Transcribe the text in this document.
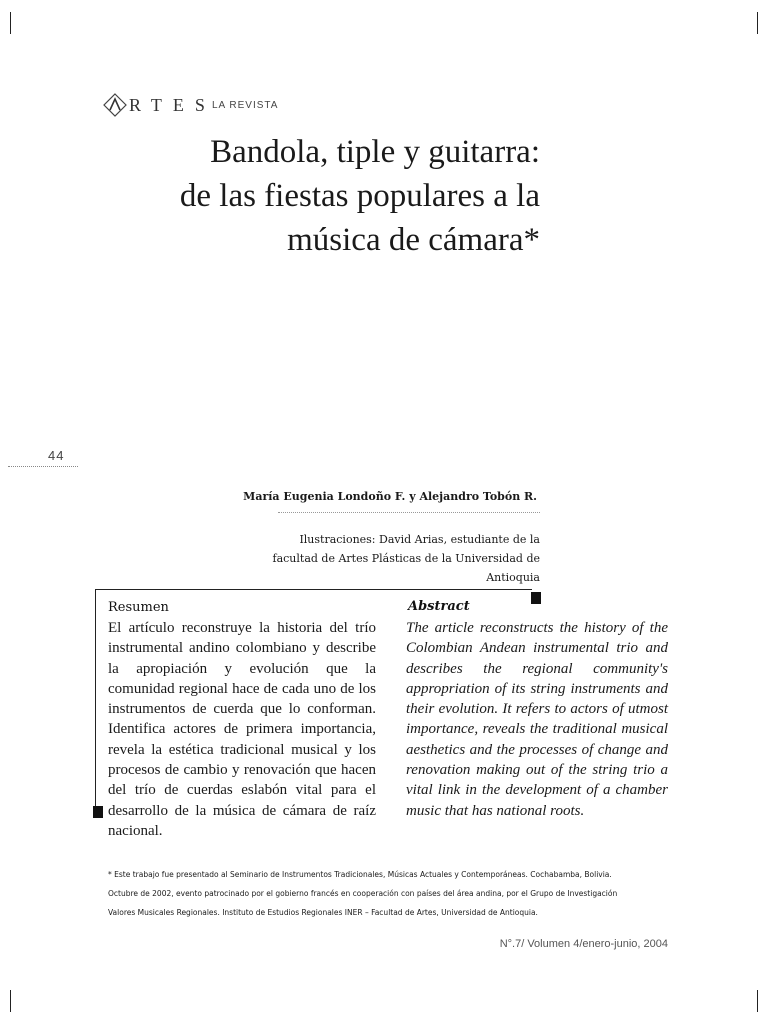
RTES
LA REVISTA
Bandola, tiple y guitarra:
de las fiestas populares a la
música de cámara*
44
María Eugenia Londoño F. y Alejandro Tobón R.
Ilustraciones: David Arias, estudiante de la facultad de Artes Plásticas de la Universidad de Antioquia
Resumen
El artículo reconstruye la historia del trío instrumental andino colombiano y describe la apropiación y evolución que la comunidad regional hace de cada uno de los instrumentos de cuerda que lo conforman. Identifica actores de primera importancia, revela la estética tradicional musical y los procesos de cambio y renovación que hacen del trío de cuerdas eslabón vital para el desarrollo de la música de cámara de raíz nacional.
Abstract
The article reconstructs the history of the Colombian Andean instrumental trio and describes the regional community's appropriation of its string instruments and their evolution. It refers to actors of utmost importance, reveals the traditional musical aesthetics and the processes of change and renovation making out of the string trio a vital link in the development of a chamber music that has national roots.
* Este trabajo fue presentado al Seminario de Instrumentos Tradicionales, Músicas Actuales y Contemporáneas. Cochabamba, Bolivia.
Octubre de 2002, evento patrocinado por el gobierno francés en cooperación con países del área andina, por el Grupo de Investigación
Valores Musicales Regionales. Instituto de Estudios Regionales INER – Facultad de Artes, Universidad de Antioquia.
N°.7/ Volumen 4/enero-junio, 2004
